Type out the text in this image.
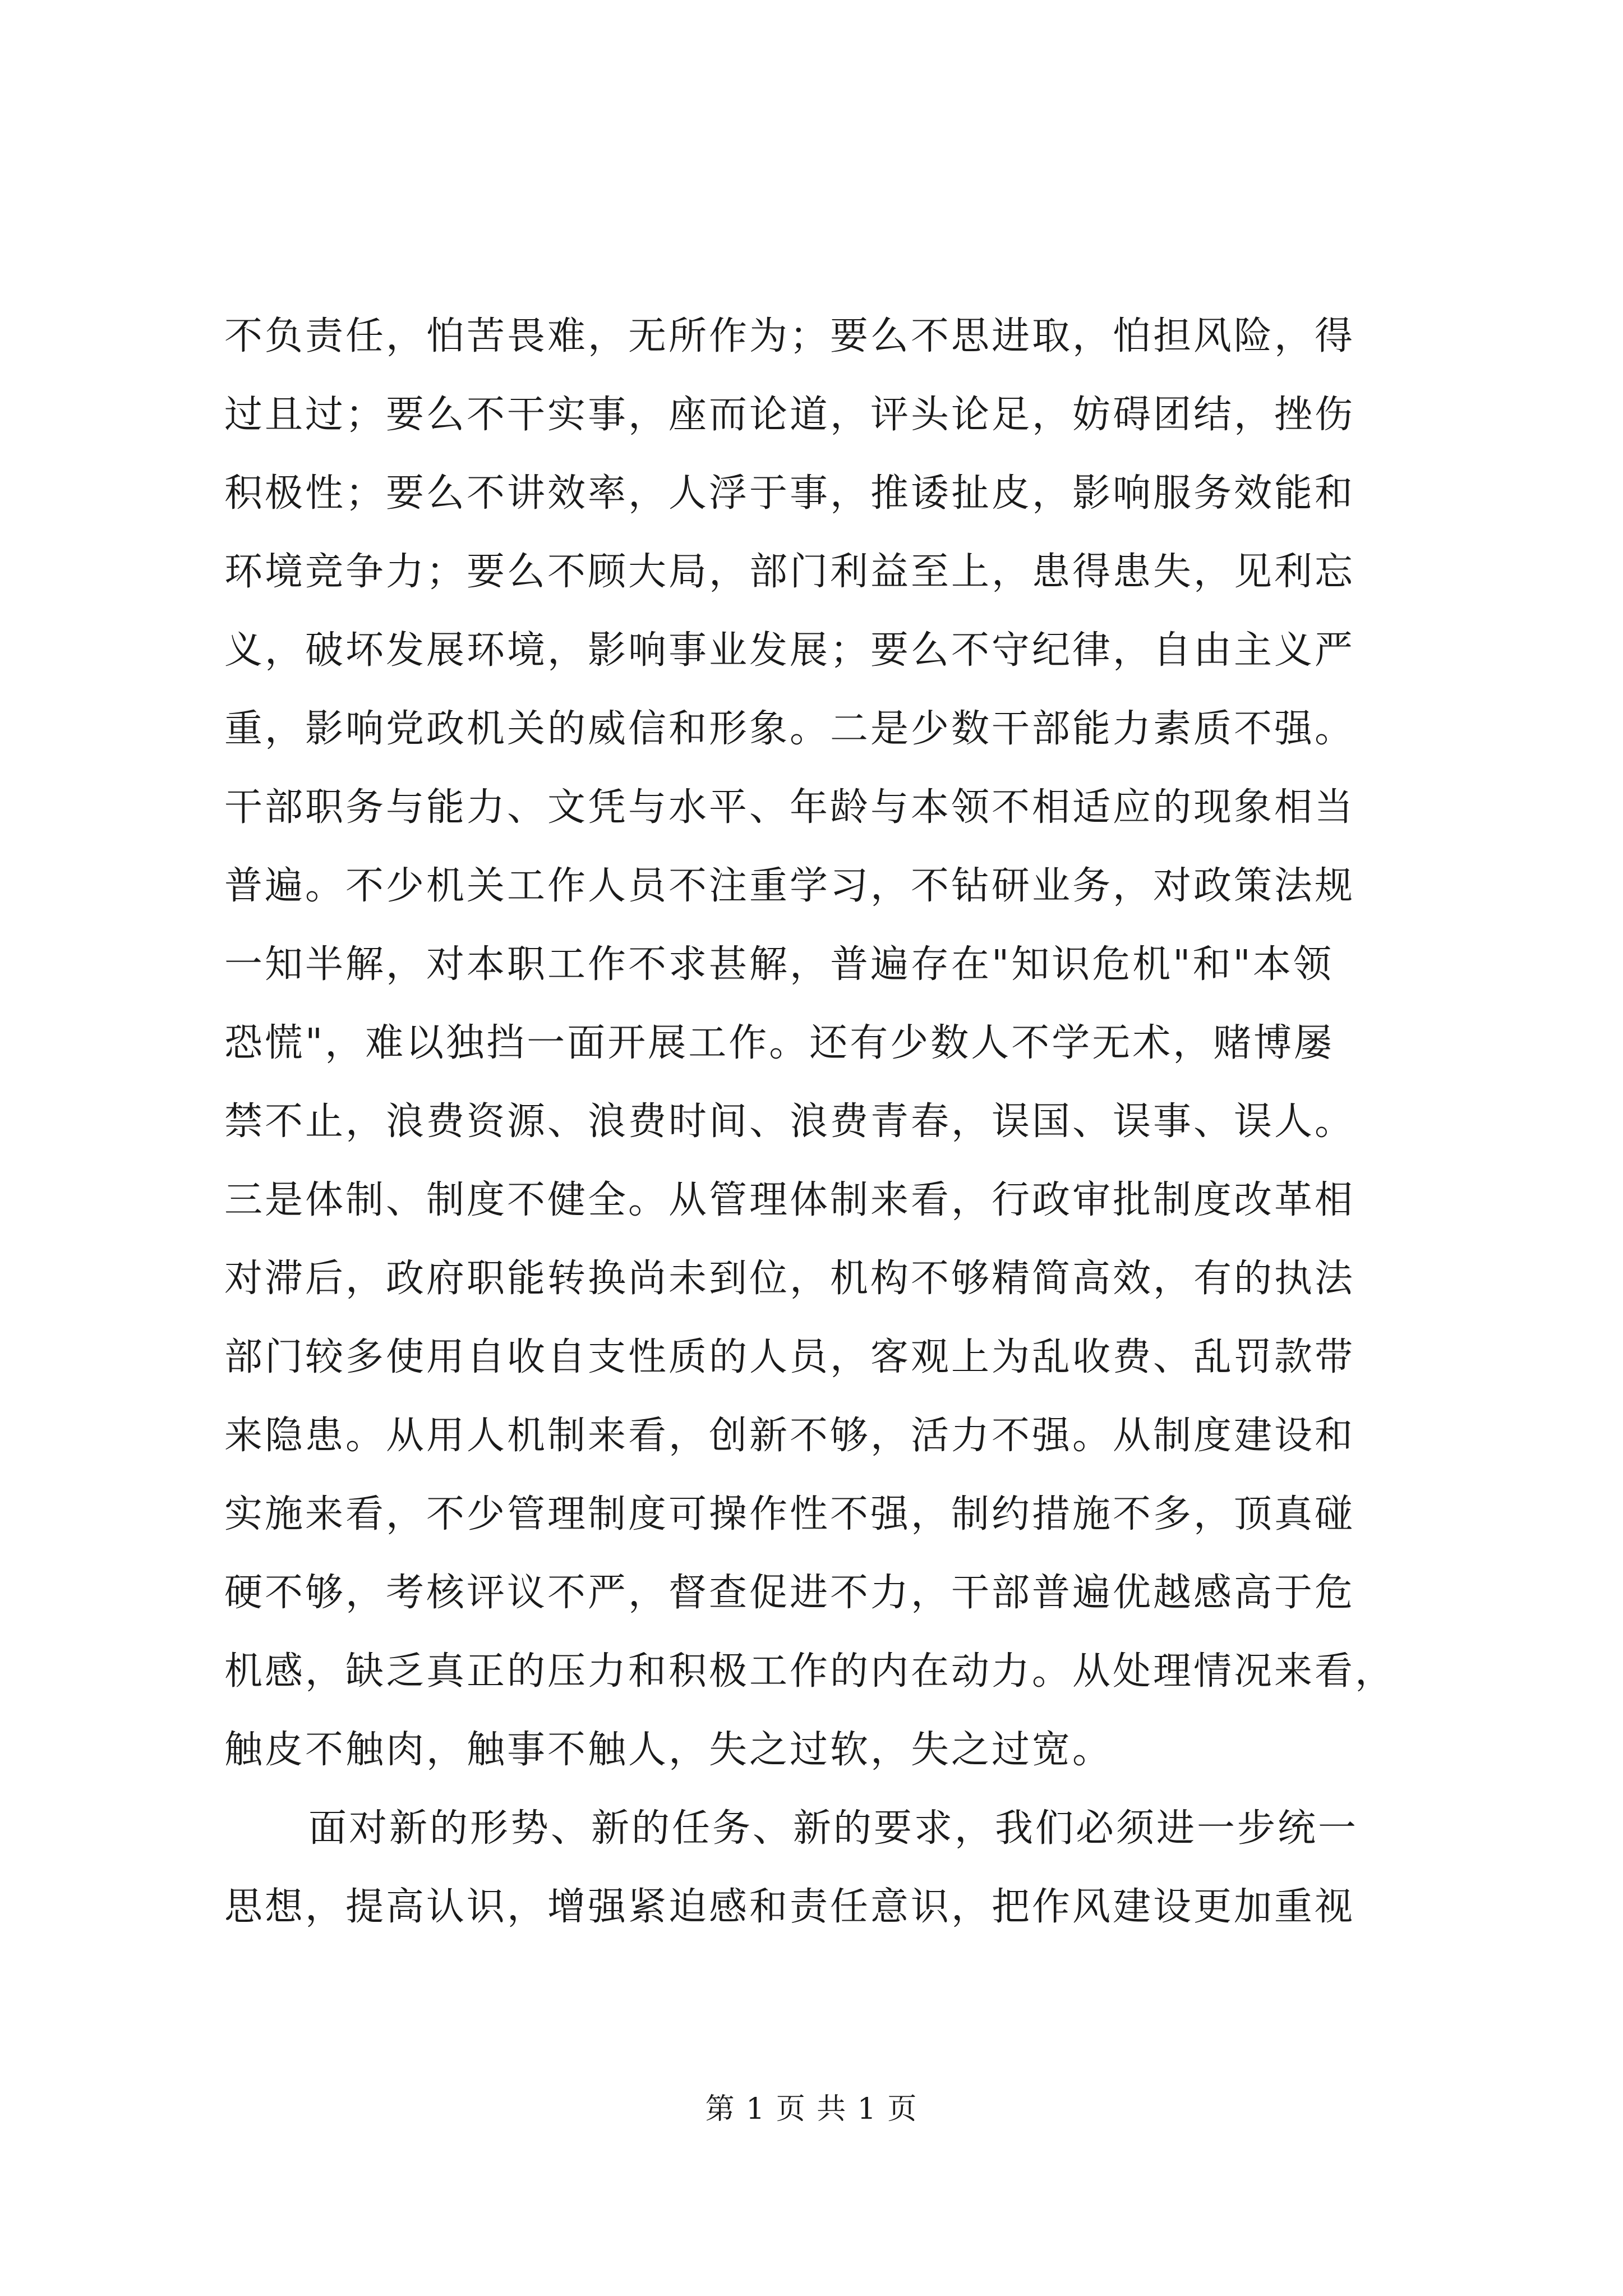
不负责任，怕苦畏难，无所作为；要么不思进取，怕担风险，得
过且过；要么不干实事，座而论道，评头论足，妨碍团结，挫伤
积极性；要么不讲效率，人浮于事，推诿扯皮，影响服务效能和
环境竞争力；要么不顾大局，部门利益至上，患得患失，见利忘
义，破坏发展环境，影响事业发展；要么不守纪律，自由主义严
重，影响党政机关的威信和形象。二是少数干部能力素质不强。
干部职务与能力、文凭与水平、年龄与本领不相适应的现象相当
普遍。不少机关工作人员不注重学习，不钻研业务，对政策法规
一知半解，对本职工作不求甚解，普遍存在"知识危机"和"本领
恐慌"，难以独挡一面开展工作。还有少数人不学无术，赌博屡
禁不止，浪费资源、浪费时间、浪费青春，误国、误事、误人。
三是体制、制度不健全。从管理体制来看，行政审批制度改革相
对滞后，政府职能转换尚未到位，机构不够精简高效，有的执法
部门较多使用自收自支性质的人员，客观上为乱收费、乱罚款带
来隐患。从用人机制来看，创新不够，活力不强。从制度建设和
实施来看，不少管理制度可操作性不强，制约措施不多，顶真碰
硬不够，考核评议不严，督查促进不力，干部普遍优越感高于危
机感，缺乏真正的压力和积极工作的内在动力。从处理情况来看，
触皮不触肉，触事不触人，失之过软，失之过宽。
面对新的形势、新的任务、新的要求，我们必须进一步统一
思想，提高认识，增强紧迫感和责任意识，把作风建设更加重视
第 1 页 共 1 页
